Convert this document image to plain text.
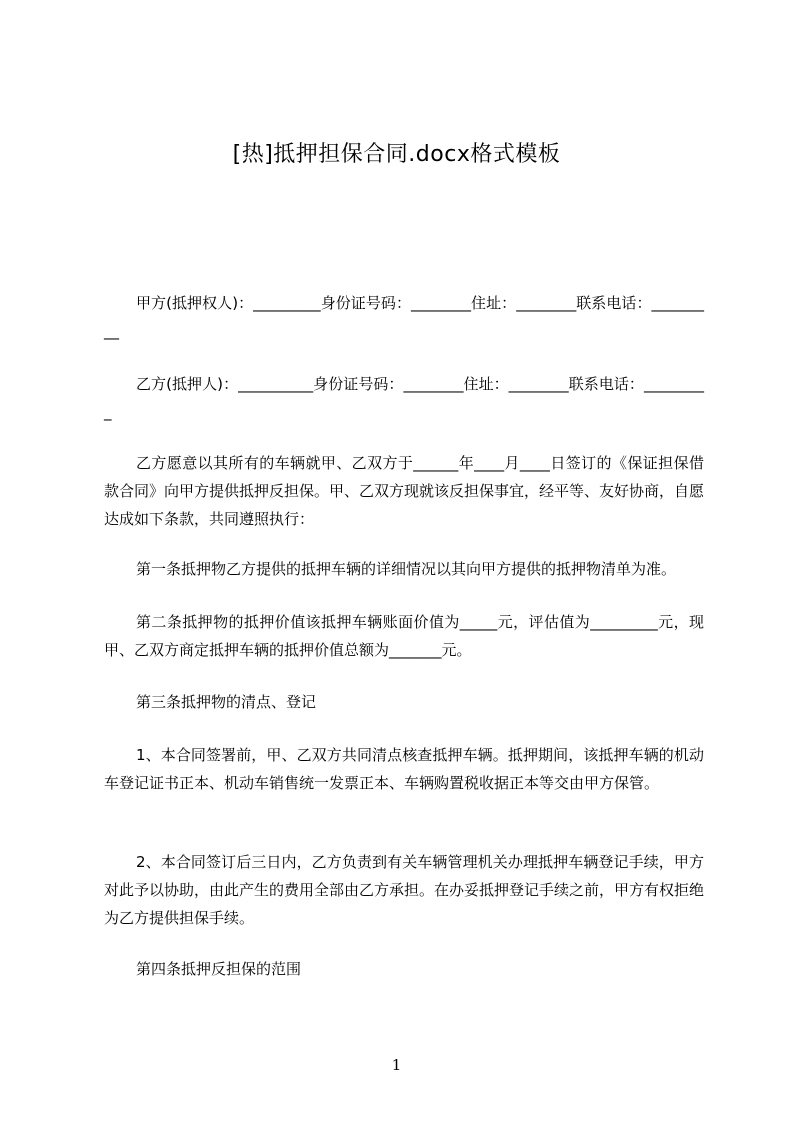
[热]抵押担保合同.docx格式模板
甲方(抵押权人)：_________身份证号码：________住址：________联系电话：_________
乙方(抵押人)：__________身份证号码：________住址：________联系电话：_________
乙方愿意以其所有的车辆就甲、乙双方于______年____月____日签订的《保证担保借款合同》向甲方提供抵押反担保。甲、乙双方现就该反担保事宜，经平等、友好协商，自愿达成如下条款，共同遵照执行：
第一条抵押物乙方提供的抵押车辆的详细情况以其向甲方提供的抵押物清单为准。
第二条抵押物的抵押价值该抵押车辆账面价值为_____元，评估值为_________元，现甲、乙双方商定抵押车辆的抵押价值总额为_______元。
第三条抵押物的清点、登记
1、本合同签署前，甲、乙双方共同清点核查抵押车辆。抵押期间，该抵押车辆的机动车登记证书正本、机动车销售统一发票正本、车辆购置税收据正本等交由甲方保管。
2、本合同签订后三日内，乙方负责到有关车辆管理机关办理抵押车辆登记手续，甲方对此予以协助，由此产生的费用全部由乙方承担。在办妥抵押登记手续之前，甲方有权拒绝为乙方提供担保手续。
第四条抵押反担保的范围
1
